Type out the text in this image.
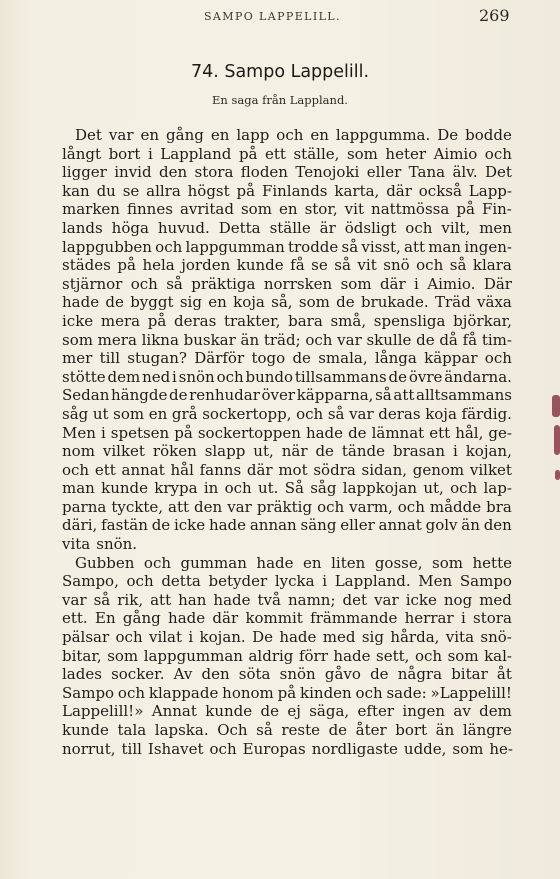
SAMPO LAPPELILL.	269
74. Sampo Lappelill.
En saga från Lappland.
Det var en gång en lapp och en lappgumma. De bodde
långt bort i Lappland på ett ställe, som heter Aimio och
ligger invid den stora floden Tenojoki eller Tana älv. Det
kan du se allra högst på Finlands karta, där också Lapp-
marken finnes avritad som en stor, vit nattmössa på Fin-
lands höga huvud. Detta ställe är ödsligt och vilt, men
lappgubben och lappgumman trodde så visst, att man ingen-
städes på hela jorden kunde få se så vit snö och så klara
stjärnor och så präktiga norrsken som där i Aimio. Där
hade de byggt sig en koja så, som de brukade. Träd växa
icke mera på deras trakter, bara små, spensliga björkar,
som mera likna buskar än träd; och var skulle de då få tim-
mer till stugan? Därför togo de smala, långa käppar och
stötte dem ned i snön och bundo tillsammans de övre ändarna.
Sedan hängde de renhudar över käpparna, så att alltsammans
såg ut som en grå sockertopp, och så var deras koja färdig.
Men i spetsen på sockertoppen hade de lämnat ett hål, ge-
nom vilket röken slapp ut, när de tände brasan i kojan,
och ett annat hål fanns där mot södra sidan, genom vilket
man kunde krypa in och ut. Så såg lappkojan ut, och lap-
parna tyckte, att den var präktig och varm, och mådde bra
däri, fastän de icke hade annan säng eller annat golv än den
vita snön.
Gubben och gumman hade en liten gosse, som hette
Sampo, och detta betyder lycka i Lappland. Men Sampo
var så rik, att han hade två namn; det var icke nog med
ett. En gång hade där kommit främmande herrar i stora
pälsar och vilat i kojan. De hade med sig hårda, vita snö-
bitar, som lappgumman aldrig förr hade sett, och som kal-
lades socker. Av den söta snön gåvo de några bitar åt
Sampo och klappade honom på kinden och sade: »Lappelill!
Lappelill!» Annat kunde de ej säga, efter ingen av dem
kunde tala lapska. Och så reste de åter bort än längre
norrut, till Ishavet och Europas nordligaste udde, som he-
